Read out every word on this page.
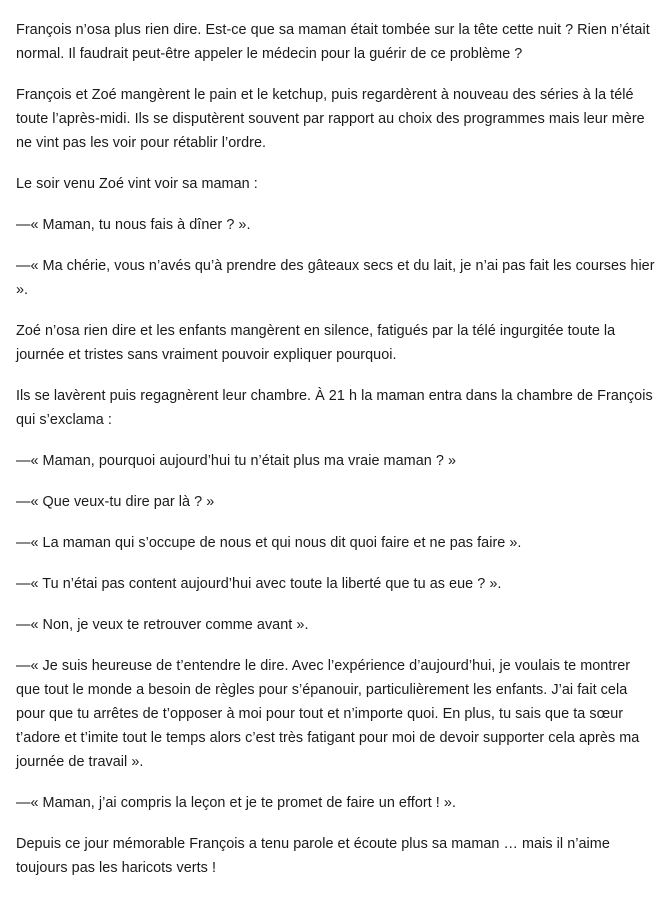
François n’osa plus rien dire. Est-ce que sa maman était tombée sur la tête cette nuit ? Rien n’était normal. Il faudrait peut-être appeler le médecin pour la guérir de ce problème ?

François et Zoé mangèrent le pain et le ketchup, puis regardèrent à nouveau des séries à la télé toute l’après-midi. Ils se disputèrent souvent par rapport au choix des programmes mais leur mère ne vint pas les voir pour rétablir l’ordre.

Le soir venu Zoé vint voir sa maman :

—« Maman, tu nous fais à dîner ? ».

—« Ma chérie, vous n’avés qu’à prendre des gâteaux secs et du lait, je n’ai pas fait les courses hier ».

Zoé n’osa rien dire et les enfants mangèrent en silence, fatigués par la télé ingurgitée toute la journée et tristes sans vraiment pouvoir expliquer pourquoi.

Ils se lavèrent puis regagnèrent leur chambre. À 21 h la maman entra dans la chambre de François qui s’exclama :

—« Maman, pourquoi aujourd’hui tu n’était plus ma vraie maman ? »

—« Que veux-tu dire par là ? »

—« La maman qui s’occupe de nous et qui nous dit quoi faire et ne pas faire ».

—« Tu n’étai pas content aujourd’hui avec toute la liberté que tu as eue ? ».

—« Non, je veux te retrouver comme avant ».

—« Je suis heureuse de t’entendre le dire. Avec l’expérience d’aujourd’hui, je voulais te montrer que tout le monde a besoin de règles pour s’épanouir, particulièrement les enfants. J’ai fait cela pour que tu arrêtes de t’opposer à moi pour tout et n’importe quoi. En plus, tu sais que ta sœur t’adore et t’imite tout le temps alors c’est très fatigant pour moi de devoir supporter cela après ma journée de travail ».

—« Maman, j’ai compris la leçon et je te promet de faire un effort ! ».

Depuis ce jour mémorable François a tenu parole et écoute plus sa maman … mais il n’aime toujours pas les haricots verts !
